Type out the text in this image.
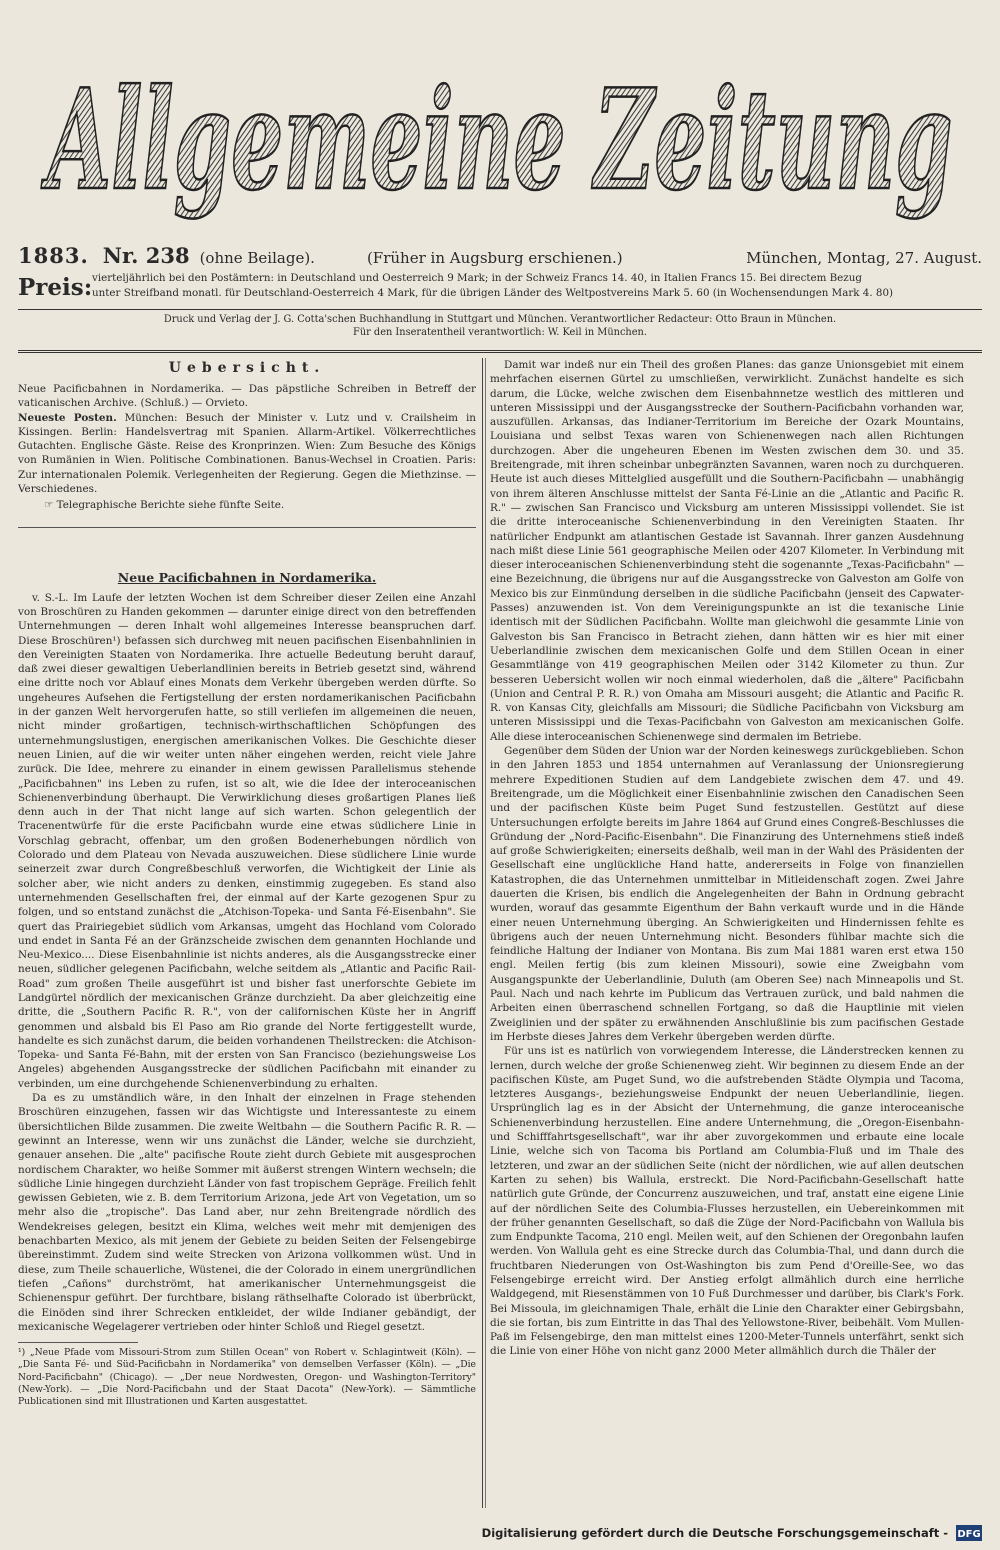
Allgemeine Zeitung
1883. Nr. 238 (ohne Beilage).	(Früher in Augsburg erschienen.)	München, Montag, 27. August.
Preis: vierteljährlich bei den Postämtern: in Deutschland und Oesterreich 9 Mark; in der Schweiz Francs 14. 40, in Italien Francs 15. Bei directem Bezug
unter Streifband monatl. für Deutschland-Oesterreich 4 Mark, für die übrigen Länder des Weltpostvereins Mark 5. 60 (in Wochensendungen Mark 4. 80)
Druck und Verlag der J. G. Cotta'schen Buchhandlung in Stuttgart und München. Verantwortlicher Redacteur: Otto Braun in München.
Für den Inseratentheil verantwortlich: W. Keil in München.
Uebersicht.
Neue Pacificbahnen in Nordamerika. — Das päpstliche Schreiben in Betreff der vaticanischen Archive. (Schluß.) — Orvieto.
Neueste Posten. München: Besuch der Minister v. Lutz und v. Crailsheim in Kissingen. Berlin: Handelsvertrag mit Spanien. Allarm-Artikel. Völkerrechtliches Gutachten. Englische Gäste. Reise des Kronprinzen. Wien: Zum Besuche des Königs von Rumänien in Wien. Politische Combinationen. Banus-Wechsel in Croatien. Paris: Zur internationalen Polemik. Verlegenheiten der Regierung. Gegen die Miethzinse. — Verschiedenes.
☞ Telegraphische Berichte siehe fünfte Seite.
Neue Pacificbahnen in Nordamerika.

v. S.-L. Im Laufe der letzten Wochen ist dem Schreiber dieser Zeilen eine Anzahl von Broschüren zu Handen gekommen — darunter einige direct von den betreffenden Unternehmungen — deren Inhalt wohl allgemeines Interesse beanspruchen darf. Diese Broschüren¹) befassen sich durchweg mit neuen pacifischen Eisenbahnlinien in den Vereinigten Staaten von Nordamerika. Ihre actuelle Bedeutung beruht darauf, daß zwei dieser gewaltigen Ueberlandlinien bereits in Betrieb gesetzt sind, während eine dritte noch vor Ablauf eines Monats dem Verkehr übergeben werden dürfte. So ungeheures Aufsehen die Fertigstellung der ersten nordamerikanischen Pacificbahn in der ganzen Welt hervorgerufen hatte, so still verliefen im allgemeinen die neuen, nicht minder großartigen, technisch-wirthschaftlichen Schöpfungen des unternehmungslustigen, energischen amerikanischen Volkes. Die Geschichte dieser neuen Linien, auf die wir weiter unten näher eingehen werden, reicht viele Jahre zurück. Die Idee, mehrere zu einander in einem gewissen Parallelismus stehende „Pacificbahnen" ins Leben zu rufen, ist so alt, wie die Idee der interoceanischen Schienenverbindung überhaupt. Die Verwirklichung dieses großartigen Planes ließ denn auch in der That nicht lange auf sich warten. Schon gelegentlich der Tracenentwürfe für die erste Pacificbahn wurde eine etwas südlichere Linie in Vorschlag gebracht, offenbar, um den großen Bodenerhebungen nördlich von Colorado und dem Plateau von Nevada auszuweichen. Diese südlichere Linie wurde seinerzeit zwar durch Congreßbeschluß verworfen, die Wichtigkeit der Linie als solcher aber, wie nicht anders zu denken, einstimmig zugegeben. Es stand also unternehmenden Gesellschaften frei, der einmal auf der Karte gezogenen Spur zu folgen, und so entstand zunächst die „Atchison-Topeka- und Santa Fé-Eisenbahn". Sie quert das Prairiegebiet südlich vom Arkansas, umgeht das Hochland vom Colorado und endet in Santa Fé an der Gränzscheide zwischen dem genannten Hochlande und Neu-Mexico.... Diese Eisenbahnlinie ist nichts anderes, als die Ausgangsstrecke einer neuen, südlicher gelegenen Pacificbahn, welche seitdem als „Atlantic and Pacific Rail-Road" zum großen Theile ausgeführt ist und bisher fast unerforschte Gebiete im Landgürtel nördlich der mexicanischen Gränze durchzieht. Da aber gleichzeitig eine dritte, die „Southern Pacific R. R.", von der californischen Küste her in Angriff genommen und alsbald bis El Paso am Rio grande del Norte fertiggestellt wurde, handelte es sich zunächst darum, die beiden vorhandenen Theilstrecken: die Atchison-Topeka- und Santa Fé-Bahn, mit der ersten von San Francisco (beziehungsweise Los Angeles) abgehenden Ausgangsstrecke der südlichen Pacificbahn mit einander zu verbinden, um eine durchgehende Schienenverbindung zu erhalten.

Da es zu umständlich wäre, in den Inhalt der einzelnen in Frage stehenden Broschüren einzugehen, fassen wir das Wichtigste und Interessanteste zu einem übersichtlichen Bilde zusammen. Die zweite Weltbahn — die Southern Pacific R. R. — gewinnt an Interesse, wenn wir uns zunächst die Länder, welche sie durchzieht, genauer ansehen. Die „alte" pacifische Route zieht durch Gebiete mit ausgesprochen nordischem Charakter, wo heiße Sommer mit äußerst strengen Wintern wechseln; die südliche Linie hingegen durchzieht Länder von fast tropischem Gepräge. Freilich fehlt gewissen Gebieten, wie z. B. dem Territorium Arizona, jede Art von Vegetation, um so mehr also die „tropische". Das Land aber, nur zehn Breitengrade nördlich des Wendekreises gelegen, besitzt ein Klima, welches weit mehr mit demjenigen des benachbarten Mexico, als mit jenem der Gebiete zu beiden Seiten der Felsengebirge übereinstimmt. Zudem sind weite Strecken von Arizona vollkommen wüst. Und in diese, zum Theile schauerliche, Wüstenei, die der Colorado in einem unergründlichen tiefen „Cañons" durchströmt, hat amerikanischer Unternehmungsgeist die Schienenspur geführt. Der furchtbare, bislang räthselhafte Colorado ist überbrückt, die Einöden sind ihrer Schrecken entkleidet, der wilde Indianer gebändigt, der mexicanische Wegelagerer vertrieben oder hinter Schloß und Riegel gesetzt.

¹) „Neue Pfade vom Missouri-Strom zum Stillen Ocean" von Robert v. Schlagintweit (Köln). — „Die Santa Fé- und Süd-Pacificbahn in Nordamerika" von demselben Verfasser (Köln). — „Die Nord-Pacificbahn" (Chicago). — „Der neue Nordwesten, Oregon- und Washington-Territory" (New-York). — „Die Nord-Pacificbahn und der Staat Dacota" (New-York). — Sämmtliche Publicationen sind mit Illustrationen und Karten ausgestattet.

Damit war indeß nur ein Theil des großen Planes: das ganze Unionsgebiet mit einem mehrfachen eisernen Gürtel zu umschließen, verwirklicht. Zunächst handelte es sich darum, die Lücke, welche zwischen dem Eisenbahnnetze westlich des mittleren und unteren Mississippi und der Ausgangsstrecke der Southern-Pacificbahn vorhanden war, auszufüllen. Arkansas, das Indianer-Territorium im Bereiche der Ozark Mountains, Louisiana und selbst Texas waren von Schienenwegen nach allen Richtungen durchzogen. Aber die ungeheuren Ebenen im Westen zwischen dem 30. und 35. Breitengrade, mit ihren scheinbar unbegränzten Savannen, waren noch zu durchqueren. Heute ist auch dieses Mittelglied ausgefüllt und die Southern-Pacificbahn — unabhängig von ihrem älteren Anschlusse mittelst der Santa Fé-Linie an die „Atlantic and Pacific R. R." — zwischen San Francisco und Vicksburg am unteren Mississippi vollendet. Sie ist die dritte interoceanische Schienenverbindung in den Vereinigten Staaten. Ihr natürlicher Endpunkt am atlantischen Gestade ist Savannah. Ihrer ganzen Ausdehnung nach mißt diese Linie 561 geographische Meilen oder 4207 Kilometer. In Verbindung mit dieser interoceanischen Schienenverbindung steht die sogenannte „Texas-Pacificbahn" — eine Bezeichnung, die übrigens nur auf die Ausgangsstrecke von Galveston am Golfe von Mexico bis zur Einmündung derselben in die südliche Pacificbahn (jenseit des Capwater-Passes) anzuwenden ist. Von dem Vereinigungspunkte an ist die texanische Linie identisch mit der Südlichen Pacificbahn. Wollte man gleichwohl die gesammte Linie von Galveston bis San Francisco in Betracht ziehen, dann hätten wir es hier mit einer Ueberlandlinie zwischen dem mexicanischen Golfe und dem Stillen Ocean in einer Gesammtlänge von 419 geographischen Meilen oder 3142 Kilometer zu thun. Zur besseren Uebersicht wollen wir noch einmal wiederholen, daß die „ältere" Pacificbahn (Union and Central P. R. R.) von Omaha am Missouri ausgeht; die Atlantic and Pacific R. R. von Kansas City, gleichfalls am Missouri; die Südliche Pacificbahn von Vicksburg am unteren Mississippi und die Texas-Pacificbahn von Galveston am mexicanischen Golfe. Alle diese interoceanischen Schienenwege sind dermalen im Betriebe.

Gegenüber dem Süden der Union war der Norden keineswegs zurückgeblieben. Schon in den Jahren 1853 und 1854 unternahmen auf Veranlassung der Unionsregierung mehrere Expeditionen Studien auf dem Landgebiete zwischen dem 47. und 49. Breitengrade, um die Möglichkeit einer Eisenbahnlinie zwischen den Canadischen Seen und der pacifischen Küste beim Puget Sund festzustellen. Gestützt auf diese Untersuchungen erfolgte bereits im Jahre 1864 auf Grund eines Congreß-Beschlusses die Gründung der „Nord-Pacific-Eisenbahn". Die Finanzirung des Unternehmens stieß indeß auf große Schwierigkeiten; einerseits deßhalb, weil man in der Wahl des Präsidenten der Gesellschaft eine unglückliche Hand hatte, andererseits in Folge von finanziellen Katastrophen, die das Unternehmen unmittelbar in Mitleidenschaft zogen. Zwei Jahre dauerten die Krisen, bis endlich die Angelegenheiten der Bahn in Ordnung gebracht wurden, worauf das gesammte Eigenthum der Bahn verkauft wurde und in die Hände einer neuen Unternehmung überging. An Schwierigkeiten und Hindernissen fehlte es übrigens auch der neuen Unternehmung nicht. Besonders fühlbar machte sich die feindliche Haltung der Indianer von Montana. Bis zum Mai 1881 waren erst etwa 150 engl. Meilen fertig (bis zum kleinen Missouri), sowie eine Zweigbahn vom Ausgangspunkte der Ueberlandlinie, Duluth (am Oberen See) nach Minneapolis und St. Paul. Nach und nach kehrte im Publicum das Vertrauen zurück, und bald nahmen die Arbeiten einen überraschend schnellen Fortgang, so daß die Hauptlinie mit vielen Zweiglinien und der später zu erwähnenden Anschlußlinie bis zum pacifischen Gestade im Herbste dieses Jahres dem Verkehr übergeben werden dürfte.

Für uns ist es natürlich von vorwiegendem Interesse, die Länderstrecken kennen zu lernen, durch welche der große Schienenweg zieht. Wir beginnen zu diesem Ende an der pacifischen Küste, am Puget Sund, wo die aufstrebenden Städte Olympia und Tacoma, letzteres Ausgangs-, beziehungsweise Endpunkt der neuen Ueberlandlinie, liegen. Ursprünglich lag es in der Absicht der Unternehmung, die ganze interoceanische Schienenverbindung herzustellen. Eine andere Unternehmung, die „Oregon-Eisenbahn- und Schifffahrtsgesellschaft", war ihr aber zuvorgekommen und erbaute eine locale Linie, welche sich von Tacoma bis Portland am Columbia-Fluß und im Thale des letzteren, und zwar an der südlichen Seite (nicht der nördlichen, wie auf allen deutschen Karten zu sehen) bis Wallula, erstreckt. Die Nord-Pacificbahn-Gesellschaft hatte natürlich gute Gründe, der Concurrenz auszuweichen, und traf, anstatt eine eigene Linie auf der nördlichen Seite des Columbia-Flusses herzustellen, ein Uebereinkommen mit der früher genannten Gesellschaft, so daß die Züge der Nord-Pacificbahn von Wallula bis zum Endpunkte Tacoma, 210 engl. Meilen weit, auf den Schienen der Oregonbahn laufen werden. Von Wallula geht es eine Strecke durch das Columbia-Thal, und dann durch die fruchtbaren Niederungen von Ost-Washington bis zum Pend d'Oreille-See, wo das Felsengebirge erreicht wird. Der Anstieg erfolgt allmählich durch eine herrliche Waldgegend, mit Riesenstämmen von 10 Fuß Durchmesser und darüber, bis Clark's Fork. Bei Missoula, im gleichnamigen Thale, erhält die Linie den Charakter einer Gebirgsbahn, die sie fortan, bis zum Eintritte in das Thal des Yellowstone-River, beibehält. Vom Mullen-Paß im Felsengebirge, den man mittelst eines 1200-Meter-Tunnels unterfährt, senkt sich die Linie von einer Höhe von nicht ganz 2000 Meter allmählich durch die Thäler der

Digitalisierung gefördert durch die Deutsche Forschungsgemeinschaft - DFG
